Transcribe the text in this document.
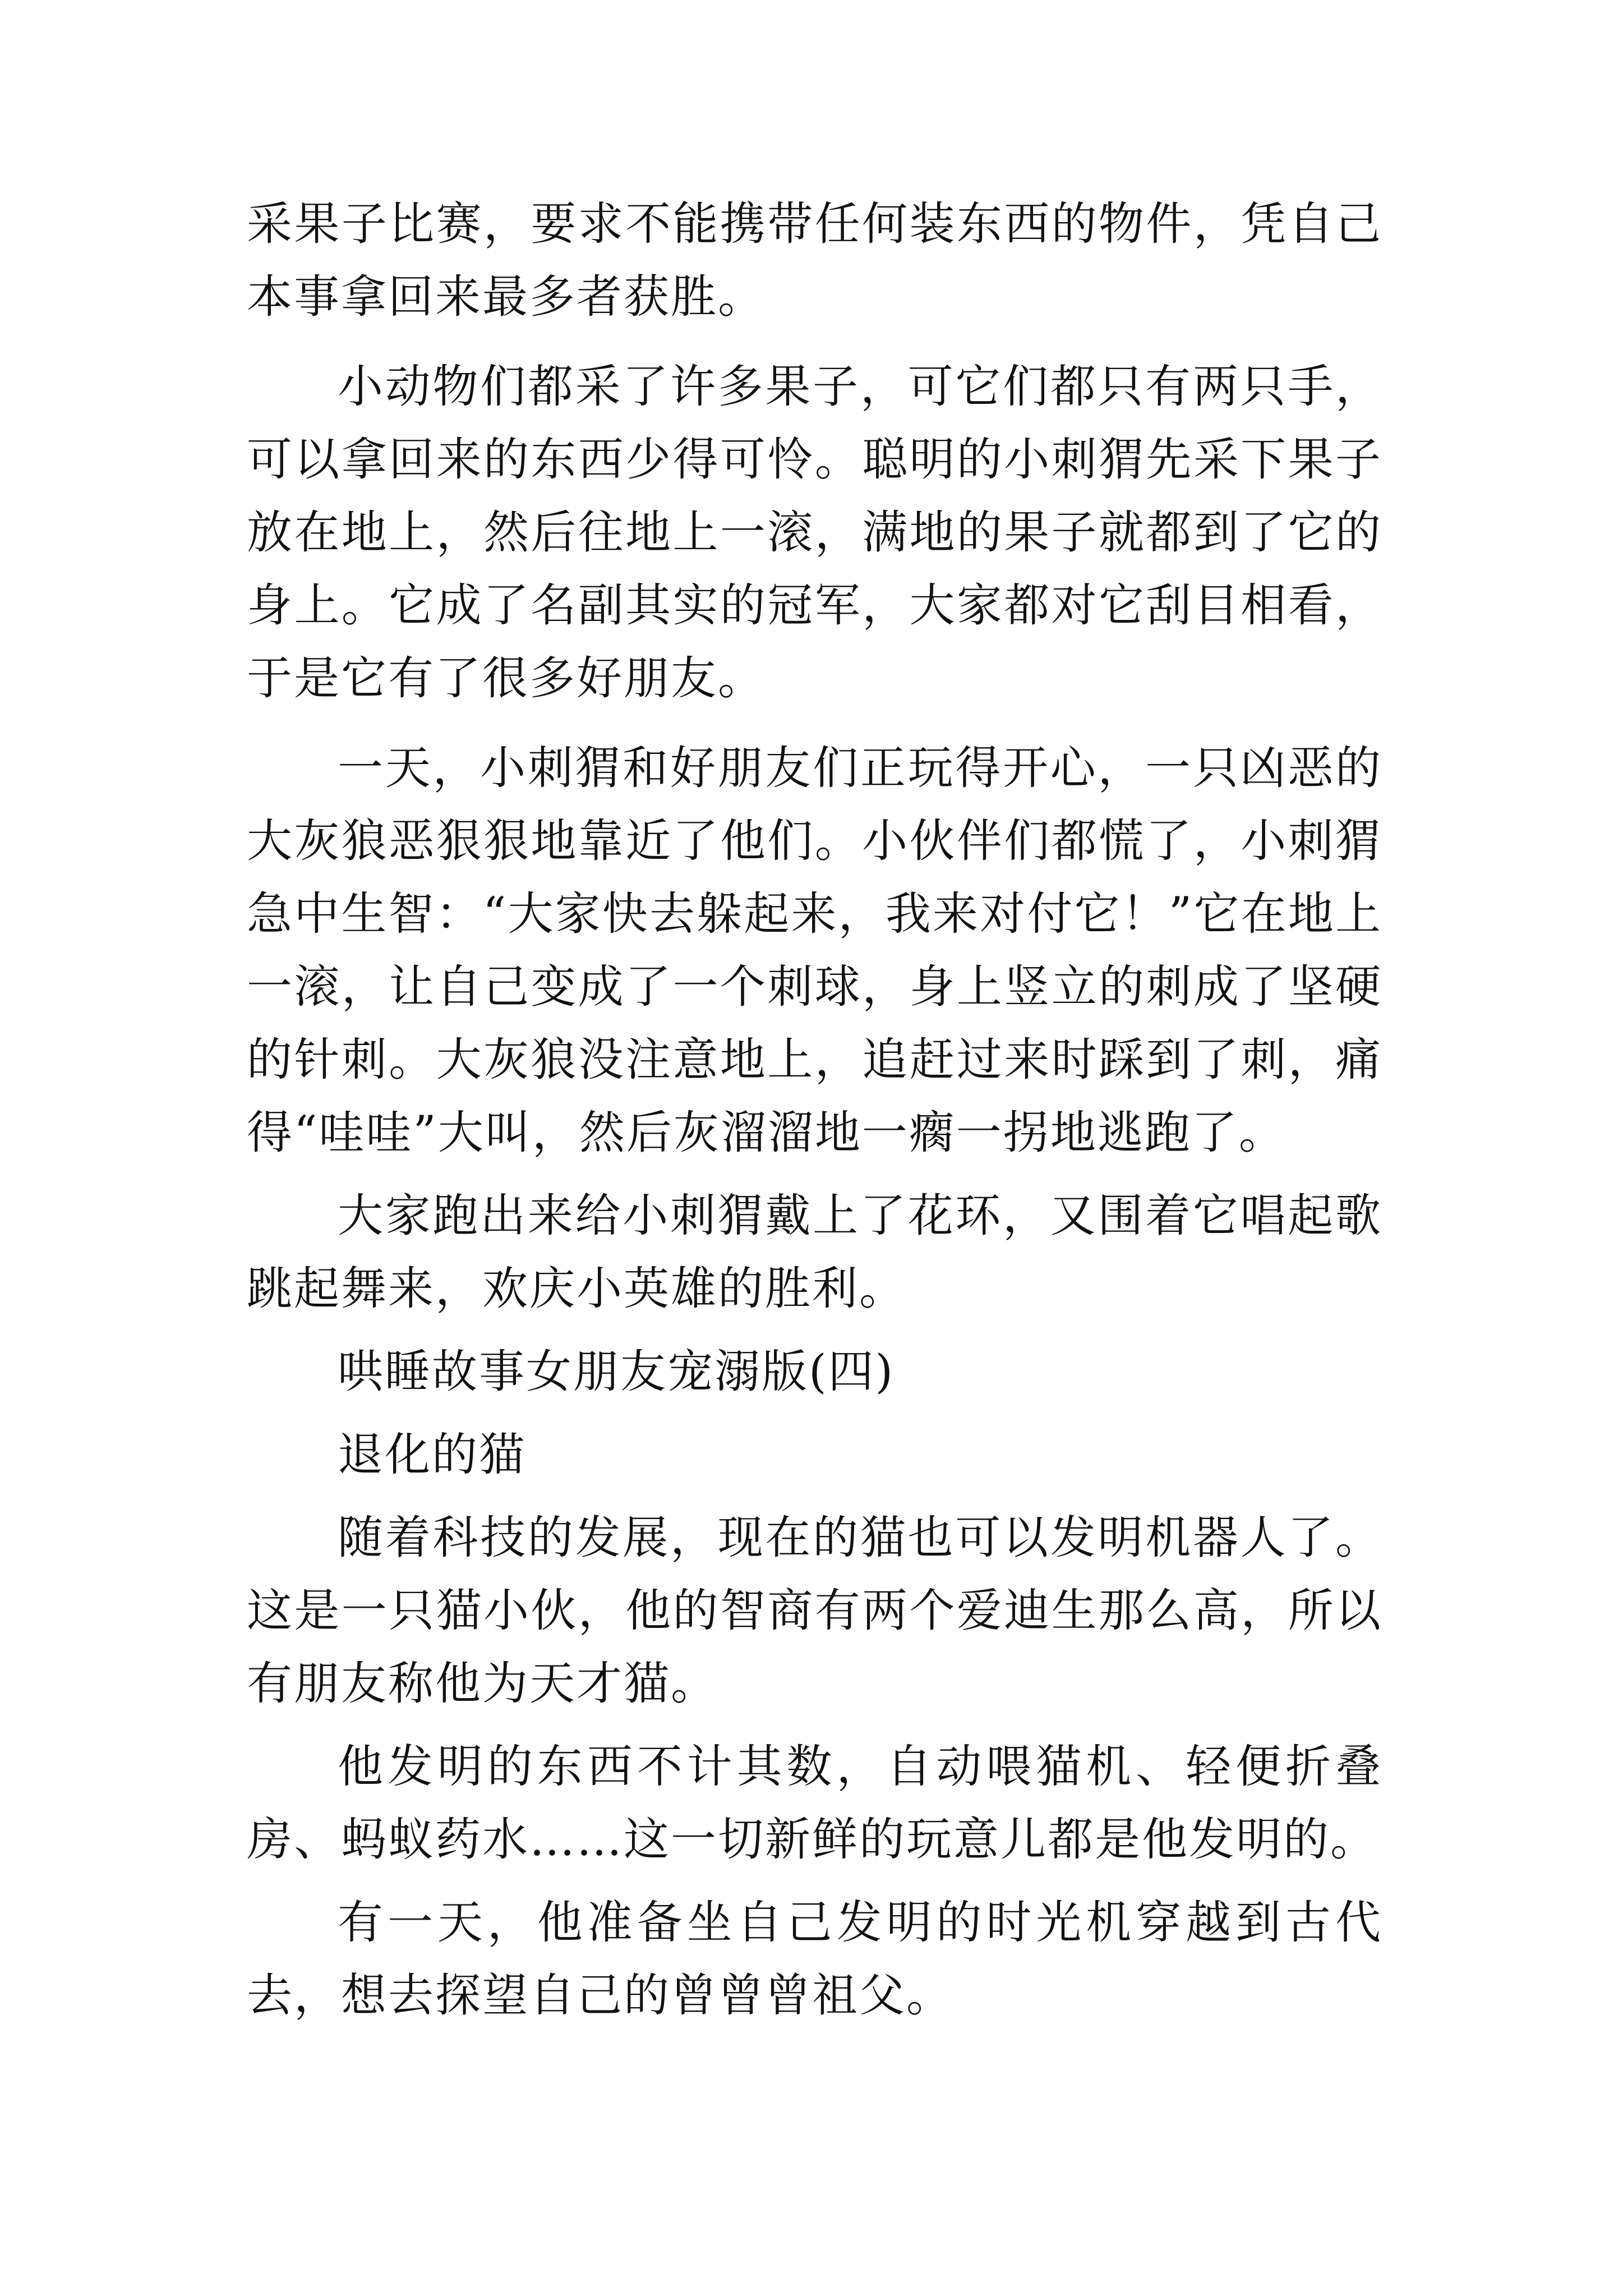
采果子比赛，要求不能携带任何装东西的物件，凭自己本事拿回来最多者获胜。

小动物们都采了许多果子，可它们都只有两只手，可以拿回来的东西少得可怜。聪明的小刺猬先采下果子放在地上，然后往地上一滚，满地的果子就都到了它的身上。它成了名副其实的冠军，大家都对它刮目相看，于是它有了很多好朋友。

一天，小刺猬和好朋友们正玩得开心，一只凶恶的大灰狼恶狠狠地靠近了他们。小伙伴们都慌了，小刺猬急中生智：“大家快去躲起来，我来对付它！”它在地上一滚，让自己变成了一个刺球，身上竖立的刺成了坚硬的针刺。大灰狼没注意地上，追赶过来时踩到了刺，痛得“哇哇”大叫，然后灰溜溜地一瘸一拐地逃跑了。

大家跑出来给小刺猬戴上了花环，又围着它唱起歌跳起舞来，欢庆小英雄的胜利。

哄睡故事女朋友宠溺版(四)

退化的猫

随着科技的发展，现在的猫也可以发明机器人了。这是一只猫小伙，他的智商有两个爱迪生那么高，所以有朋友称他为天才猫。

他发明的东西不计其数，自动喂猫机、轻便折叠房、蚂蚁药水……这一切新鲜的玩意儿都是他发明的。

有一天，他准备坐自己发明的时光机穿越到古代去，想去探望自己的曾曾曾祖父。
